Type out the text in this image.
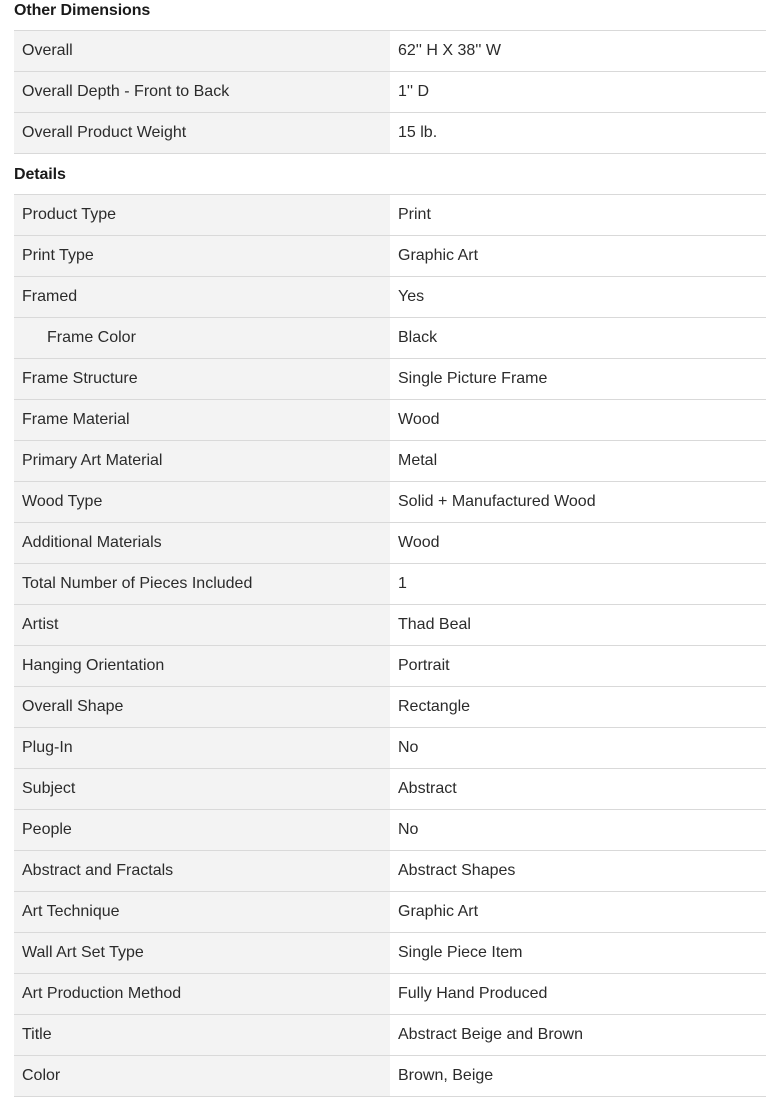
Other Dimensions
Overall	62'' H X 38'' W
Overall Depth - Front to Back	1'' D
Overall Product Weight	15 lb.
Details
Product Type	Print
Print Type	Graphic Art
Framed	Yes
Frame Color	Black
Frame Structure	Single Picture Frame
Frame Material	Wood
Primary Art Material	Metal
Wood Type	Solid + Manufactured Wood
Additional Materials	Wood
Total Number of Pieces Included	1
Artist	Thad Beal
Hanging Orientation	Portrait
Overall Shape	Rectangle
Plug-In	No
Subject	Abstract
People	No
Abstract and Fractals	Abstract Shapes
Art Technique	Graphic Art
Wall Art Set Type	Single Piece Item
Art Production Method	Fully Hand Produced
Title	Abstract Beige and Brown
Color	Brown, Beige
